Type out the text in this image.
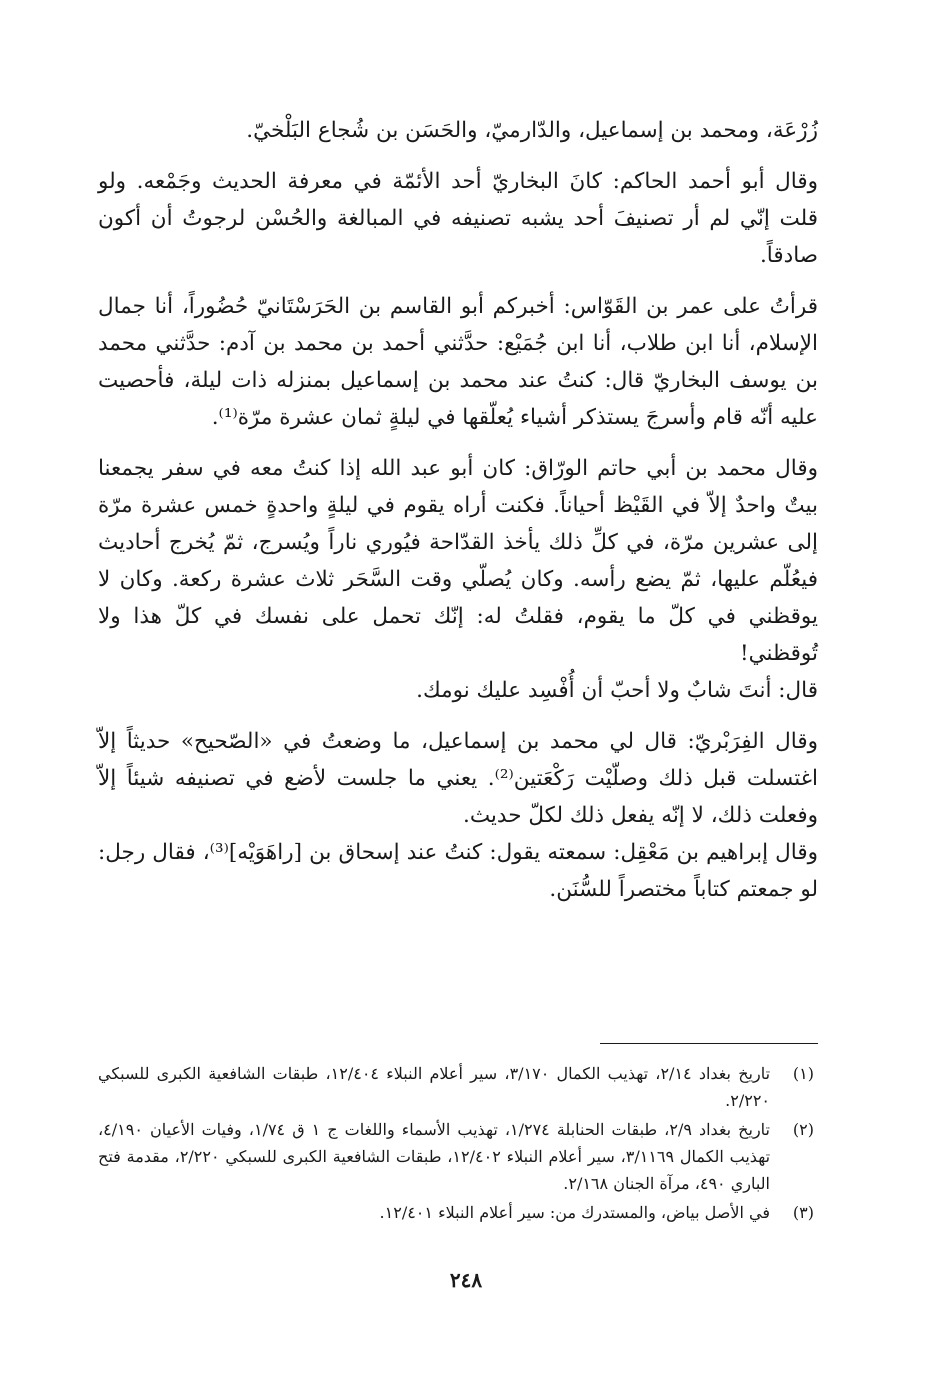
زُرْعَة، ومحمد بن إسماعيل، والدّارميّ، والحَسَن بن شُجاع البَلْخيّ.

وقال أبو أحمد الحاكم: كانَ البخاريّ أحد الأئمّة في معرفة الحديث وجَمْعه. ولو قلت إنّي لم أر تصنيفَ أحد يشبه تصنيفه في المبالغة والحُسْن لرجوتُ أن أكون صادقاً.

قرأتُ على عمر بن القَوّاس: أخبركم أبو القاسم بن الحَرَسْتَانيّ حُضُوراً، أنا جمال الإسلام، أنا ابن طلاب، أنا ابن جُمَيْع: حدَّثني أحمد بن محمد بن آدم: حدَّثني محمد بن يوسف البخاريّ قال: كنتُ عند محمد بن إسماعيل بمنزله ذات ليلة، فأحصيت عليه أنّه قام وأسرجَ يستذكر أشياء يُعلّقها في ليلةٍ ثمان عشرة مرّة⁽¹⁾.

وقال محمد بن أبي حاتم الورّاق: كان أبو عبد الله إذا كنتُ معه في سفر يجمعنا بيتٌ واحدٌ إلاّ في القَيْظ أحياناً. فكنت أراه يقوم في ليلةٍ واحدةٍ خمس عشرة مرّة إلى عشرين مرّة، في كلِّ ذلك يأخذ القدّاحة فيُوري ناراً ويُسرج، ثمّ يُخرج أحاديث فيعُلّم عليها، ثمّ يضع رأسه. وكان يُصلّي وقت السَّحَر ثلاث عشرة ركعة. وكان لا يوقظني في كلّ ما يقوم، فقلتُ له: إنّك تحمل على نفسك في كلّ هذا ولا تُوقظني!

قال: أنتَ شابٌ ولا أحبّ أن أُفْسِد عليك نومك.

وقال الفِرَبْريّ: قال لي محمد بن إسماعيل، ما وضعتُ في «الصّحيح» حديثاً إلاّ اغتسلت قبل ذلك وصلّيْت رَكْعَتين⁽²⁾. يعني ما جلست لأضع في تصنيفه شيئاً إلاّ وفعلت ذلك، لا إنّه يفعل ذلك لكلّ حديث.

وقال إبراهيم بن مَعْقِل: سمعته يقول: كنتُ عند إسحاق بن [راهَوَيْه]⁽³⁾، فقال رجل: لو جمعتم كتاباً مختصراً للسُّنَن.

(١)
تاريخ بغداد ٢/١٤، تهذيب الكمال ٣/١٧٠، سير أعلام النبلاء ١٢/٤٠٤، طبقات الشافعية الكبرى للسبكي ٢/٢٢٠.
(٢)
تاريخ بغداد ٢/٩، طبقات الحنابلة ١/٢٧٤، تهذيب الأسماء واللغات ج ١ ق ١/٧٤، وفيات الأعيان ٤/١٩٠، تهذيب الكمال ٣/١١٦٩، سير أعلام النبلاء ١٢/٤٠٢، طبقات الشافعية الكبرى للسبكي ٢/٢٢٠، مقدمة فتح الباري ٤٩٠، مرآة الجنان ٢/١٦٨.
(٣)
في الأصل بياض، والمستدرك من: سير أعلام النبلاء ١٢/٤٠١.
٢٤٨
